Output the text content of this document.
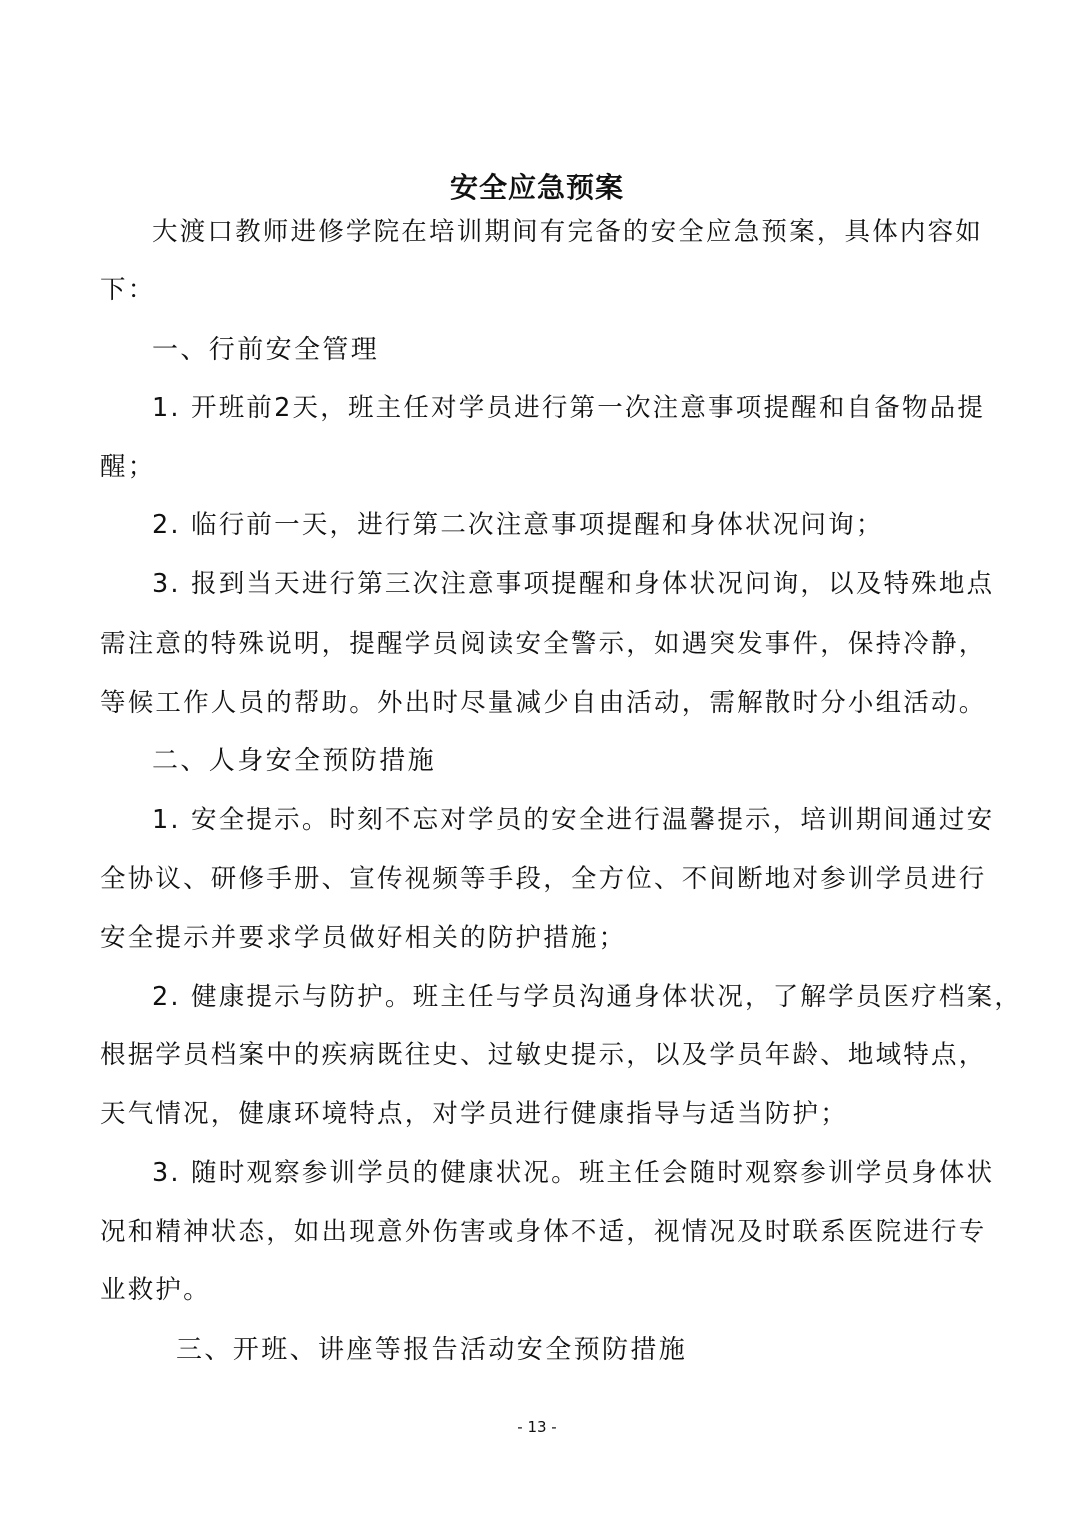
安全应急预案
大渡口教师进修学院在培训期间有完备的安全应急预案，具体内容如
下：
一、行前安全管理
1. 开班前2天，班主任对学员进行第一次注意事项提醒和自备物品提
醒；
2. 临行前一天，进行第二次注意事项提醒和身体状况问询；
3. 报到当天进行第三次注意事项提醒和身体状况问询，以及特殊地点
需注意的特殊说明，提醒学员阅读安全警示，如遇突发事件，保持冷静，
等候工作人员的帮助。外出时尽量减少自由活动，需解散时分小组活动。
二、人身安全预防措施
1. 安全提示。时刻不忘对学员的安全进行温馨提示，培训期间通过安
全协议、研修手册、宣传视频等手段，全方位、不间断地对参训学员进行
安全提示并要求学员做好相关的防护措施；
2. 健康提示与防护。班主任与学员沟通身体状况，了解学员医疗档案，
根据学员档案中的疾病既往史、过敏史提示，以及学员年龄、地域特点，
天气情况，健康环境特点，对学员进行健康指导与适当防护；
3. 随时观察参训学员的健康状况。班主任会随时观察参训学员身体状
况和精神状态，如出现意外伤害或身体不适，视情况及时联系医院进行专
业救护。
三、开班、讲座等报告活动安全预防措施
- 13 -
